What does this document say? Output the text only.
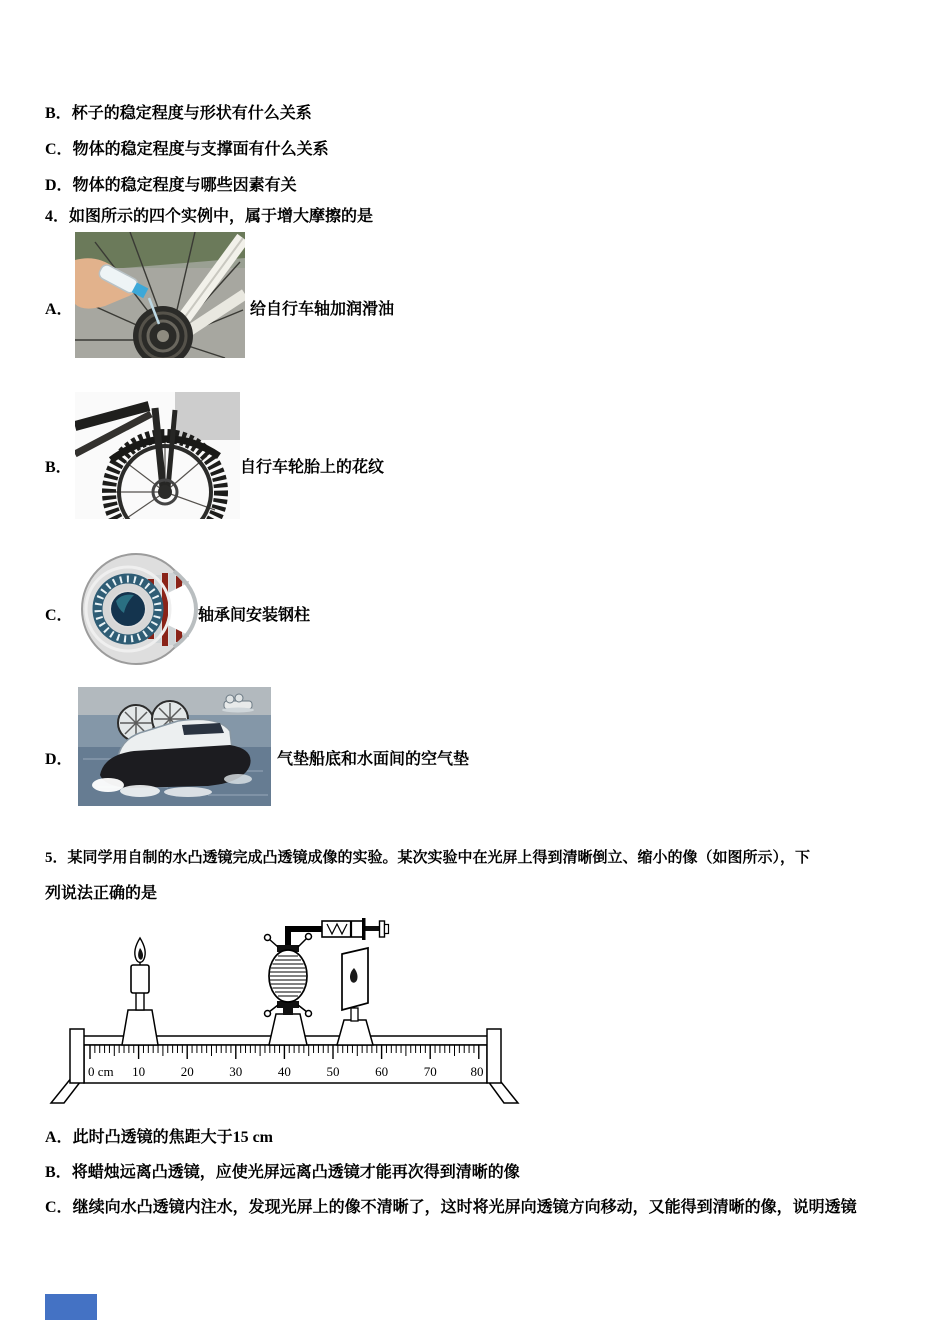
B．杯子的稳定程度与形状有什么关系
C．物体的稳定程度与支撑面有什么关系
D．物体的稳定程度与哪些因素有关
4．如图所示的四个实例中，属于增大摩擦的是
A．	给自行车轴加润滑油
B．	自行车轮胎上的花纹
C．	轴承间安装钢柱
D．	气垫船底和水面间的空气垫
5．某同学用自制的水凸透镜完成凸透镜成像的实验。某次实验中在光屏上得到清晰倒立、缩小的像（如图所示），下
列说法正确的是
0 cm 10	20	30	40	50	60	70	80
A．此时凸透镜的焦距大于15 cm
B．将蜡烛远离凸透镜，应使光屏远离凸透镜才能再次得到清晰的像
C．继续向水凸透镜内注水，发现光屏上的像不清晰了，这时将光屏向透镜方向移动，又能得到清晰的像，说明透镜
